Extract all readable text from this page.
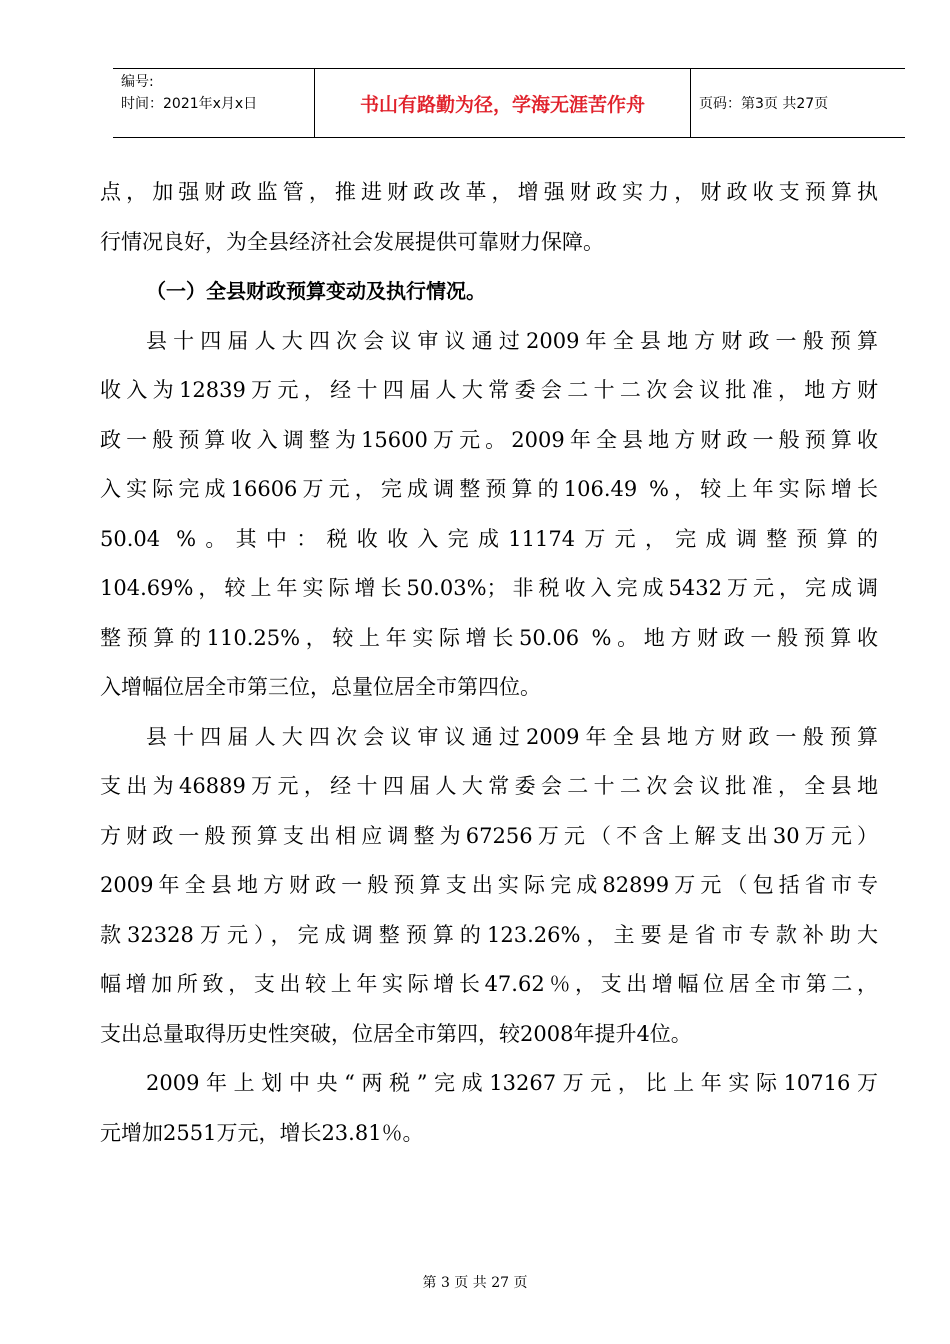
编号:
时间：2021年x月x日	书山有路勤为径，学海无涯苦作舟	页码：第3页 共27页
点，加强财政监管，推进财政改革，增强财政实力，财政收支预算执
行情况良好，为全县经济社会发展提供可靠财力保障。
（一）全县财政预算变动及执行情况。
县十四届人大四次会议审议通过2009年全县地方财政一般预算
收入为12839万元，经十四届人大常委会二十二次会议批准，地方财
政一般预算收入调整为15600万元。2009年全县地方财政一般预算收
入实际完成16606万元，完成调整预算的106.49 %，较上年实际增长
50.04 %。其中：税收收入完成11174万元，完成调整预算的
104.69%，较上年实际增长50.03%；非税收入完成5432万元，完成调
整预算的110.25%，较上年实际增长50.06 %。地方财政一般预算收
入增幅位居全市第三位，总量位居全市第四位。
县十四届人大四次会议审议通过2009年全县地方财政一般预算
支出为46889万元，经十四届人大常委会二十二次会议批准，全县地
方财政一般预算支出相应调整为67256万元（不含上解支出30万元）
2009年全县地方财政一般预算支出实际完成82899万元（包括省市专
款32328万元），完成调整预算的123.26%，主要是省市专款补助大
幅增加所致，支出较上年实际增长47.62％，支出增幅位居全市第二，
支出总量取得历史性突破，位居全市第四，较2008年提升4位。
2009年上划中央“两税”完成13267万元，比上年实际10716万
元增加2551万元，增长23.81％。
第 3 页 共 27 页
